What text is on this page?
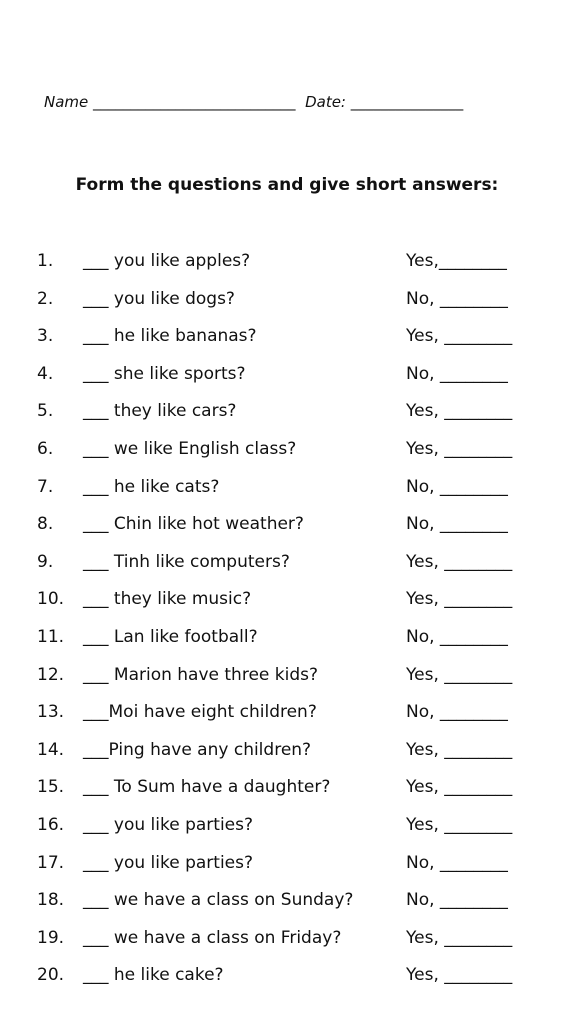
Name ___________________________ Date: _______________
Form the questions and give short answers:
1. ___ you like apples?	Yes,________
2. ___ you like dogs?	No, ________
3. ___ he like bananas?	Yes, ________
4. ___ she like sports?	No, ________
5. ___ they like cars?	Yes, ________
6. ___ we like English class?	Yes, ________
7. ___ he like cats?	No, ________
8. ___ Chin like hot weather?	No, ________
9. ___ Tinh like computers?	Yes, ________
10. ___ they like music?	Yes, ________
11. ___ Lan like football?	No, ________
12. ___ Marion have three kids?	Yes, ________
13. ___Moi have eight children?	No, ________
14. ___Ping have any children?	Yes, ________
15. ___ To Sum have a daughter?	Yes, ________
16. ___ you like parties?	Yes, ________
17. ___ you like parties?	No, ________
18. ___ we have a class on Sunday?	No, ________
19. ___ we have a class on Friday?	Yes, ________
20. ___ he like cake?	Yes, ________
